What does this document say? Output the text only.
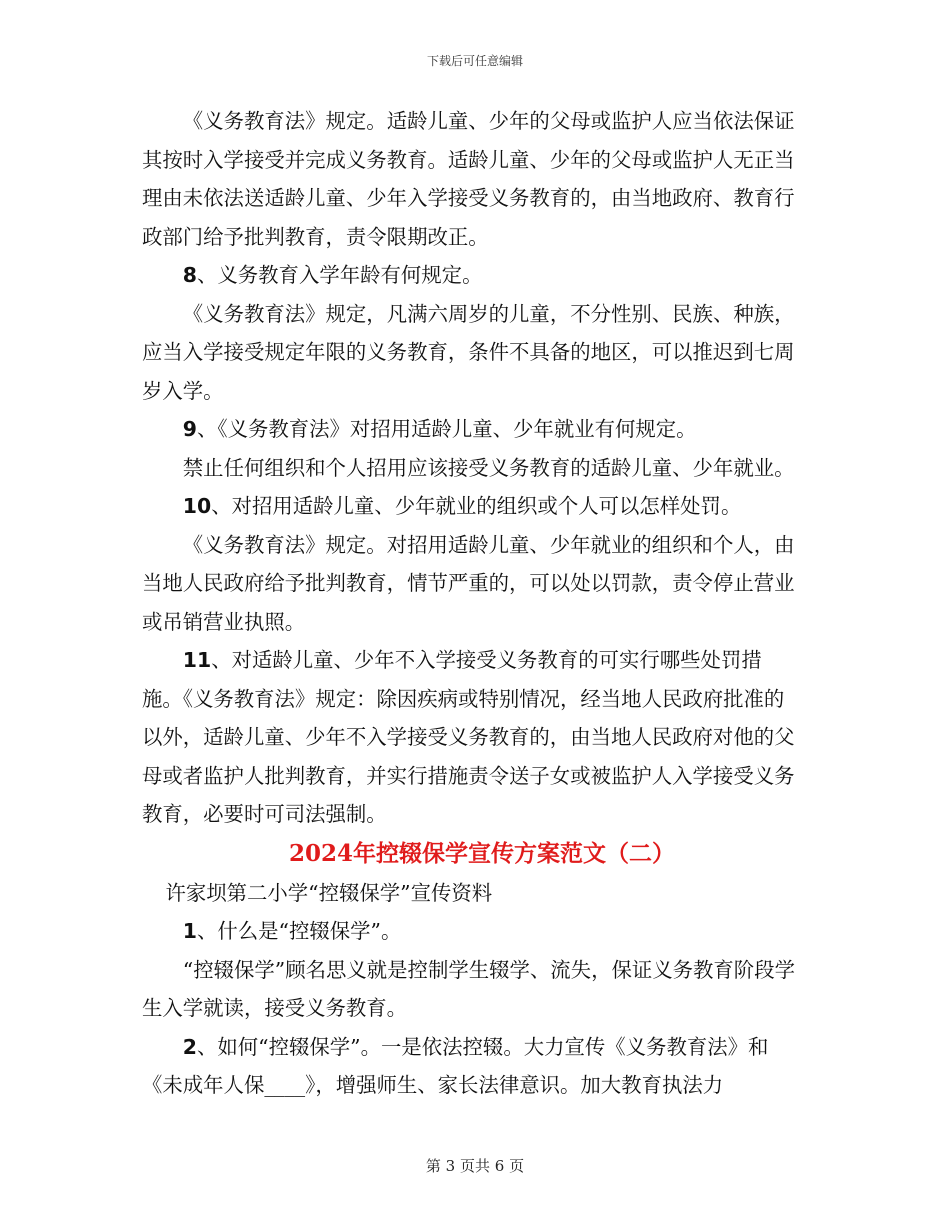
下载后可任意编辑

《义务教育法》规定。适龄儿童、少年的父母或监护人应当依法保证其按时入学接受并完成义务教育。适龄儿童、少年的父母或监护人无正当理由未依法送适龄儿童、少年入学接受义务教育的，由当地政府、教育行政部门给予批判教育，责令限期改正。

8、义务教育入学年龄有何规定。

《义务教育法》规定，凡满六周岁的儿童，不分性别、民族、种族，应当入学接受规定年限的义务教育，条件不具备的地区，可以推迟到七周岁入学。

9、《义务教育法》对招用适龄儿童、少年就业有何规定。

禁止任何组织和个人招用应该接受义务教育的适龄儿童、少年就业。

10、对招用适龄儿童、少年就业的组织或个人可以怎样处罚。

《义务教育法》规定。对招用适龄儿童、少年就业的组织和个人，由当地人民政府给予批判教育，情节严重的，可以处以罚款，责令停止营业或吊销营业执照。

11、对适龄儿童、少年不入学接受义务教育的可实行哪些处罚措施。《义务教育法》规定：除因疾病或特别情况，经当地人民政府批准的以外，适龄儿童、少年不入学接受义务教育的，由当地人民政府对他的父母或者监护人批判教育，并实行措施责令送子女或被监护人入学接受义务教育，必要时可司法强制。

2024年控辍保学宣传方案范文（二）

许家坝第二小学“控辍保学”宣传资料

1、什么是“控辍保学”。

“控辍保学”顾名思义就是控制学生辍学、流失，保证义务教育阶段学生入学就读，接受义务教育。

2、如何“控辍保学”。一是依法控辍。大力宣传《义务教育法》和《未成年人保____》，增强师生、家长法律意识。加大教育执法力

第 3 页共 6 页
